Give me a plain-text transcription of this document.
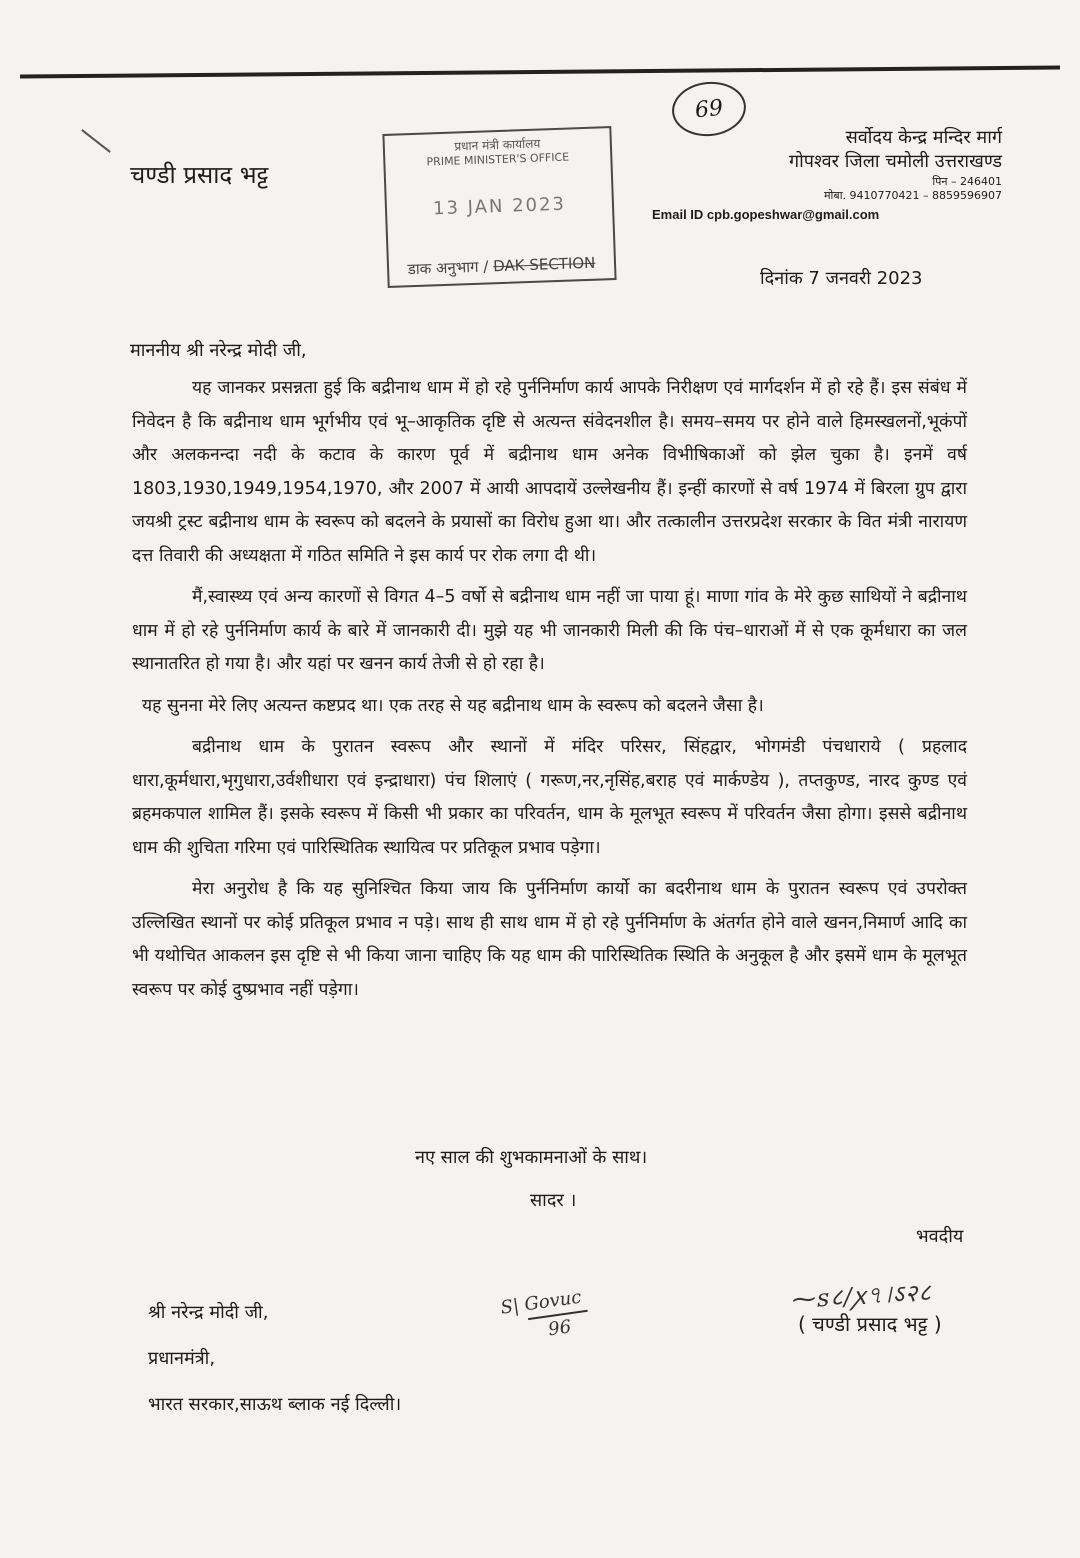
चण्डी प्रसाद भट्ट
69
प्रधान मंत्री कार्यालय
PRIME MINISTER'S OFFICE
13 JAN 2023
डाक अनुभाग / DAK SECTION
सर्वोदय केन्द्र मन्दिर मार्ग
गोपश्वर जिला चमोली उत्तराखण्ड
पिन – 246401
मोबा. 9410770421 – 8859596907
Email ID cpb.gopeshwar@gmail.com
दिनांक 7 जनवरी 2023
माननीय श्री नरेन्द्र मोदी जी,

यह जानकर प्रसन्नता हुई कि बद्रीनाथ धाम में हो रहे पुर्ननिर्माण कार्य आपके निरीक्षण एवं मार्गदर्शन में हो रहे हैं। इस संबंध में निवेदन है कि बद्रीनाथ धाम भूर्गभीय एवं भू–आकृतिक दृष्टि से अत्यन्त संवेदनशील है। समय–समय पर होने वाले हिमस्खलनों,भूकंपों और अलकनन्दा नदी के कटाव के कारण पूर्व में बद्रीनाथ धाम अनेक विभीषिकाओं को झेल चुका है। इनमें वर्ष 1803,1930,1949,1954,1970, और 2007 में आयी आपदायें उल्लेखनीय हैं। इन्हीं कारणों से वर्ष 1974 में बिरला ग्रुप द्वारा जयश्री ट्रस्ट बद्रीनाथ धाम के स्वरूप को बदलने के प्रयासों का विरोध हुआ था। और तत्कालीन उत्तरप्रदेश सरकार के वित मंत्री नारायण दत्त तिवारी की अध्यक्षता में गठित समिति ने इस कार्य पर रोक लगा दी थी।

मैं,स्वास्थ्य एवं अन्य कारणों से विगत 4–5 वर्षो से बद्रीनाथ धाम नहीं जा पाया हूं। माणा गांव के मेरे कुछ साथियों ने बद्रीनाथ धाम में हो रहे पुर्ननिर्माण कार्य के बारे में जानकारी दी। मुझे यह भी जानकारी मिली की कि पंच–धाराओं में से एक कूर्मधारा का जल स्थानातरित हो गया है। और यहां पर खनन कार्य तेजी से हो रहा है।

यह सुनना मेरे लिए अत्यन्त कष्टप्रद था। एक तरह से यह बद्रीनाथ धाम के स्वरूप को बदलने जैसा है।

बद्रीनाथ धाम के पुरातन स्वरूप और स्थानों में मंदिर परिसर, सिंहद्वार, भोगमंडी पंचधाराये ( प्रहलाद धारा,कूर्मधारा,भृगुधारा,उर्वशीधारा एवं इन्द्राधारा) पंच शिलाएं ( गरूण,नर,नृसिंह,बराह एवं मार्कण्डेय ), तप्तकुण्ड, नारद कुण्ड एवं ब्रहमकपाल शामिल हैं। इसके स्वरूप में किसी भी प्रकार का परिवर्तन, धाम के मूलभूत स्वरूप में परिवर्तन जैसा होगा। इससे बद्रीनाथ धाम की शुचिता गरिमा एवं पारिस्थितिक स्थायित्व पर प्रतिकूल प्रभाव पड़ेगा।

मेरा अनुरोध है कि यह सुनिश्चित किया जाय कि पुर्ननिर्माण कार्यो का बदरीनाथ धाम के पुरातन स्वरूप एवं उपरोक्त उल्लिखित स्थानों पर कोई प्रतिकूल प्रभाव न पड़े। साथ ही साथ धाम में हो रहे पुर्ननिर्माण के अंतर्गत होने वाले खनन,निमार्ण आदि का भी यथोचित आकलन इस दृष्टि से भी किया जाना चाहिए कि यह धाम की पारिस्थितिक स्थिति के अनुकूल है और इसमें धाम के मूलभूत स्वरूप पर कोई दुष्प्रभाव नहीं पड़ेगा।

नए साल की शुभकामनाओं के साथ।
सादर ।
भवदीय
श्री नरेन्द्र मोदी जी,
प्रधानमंत्री,
भारत सरकार,साऊथ ब्लाक नई दिल्ली।
S| Govuc
96
⁓ꜱ८/ꭗ৭।ऽ२८
( चण्डी प्रसाद भट्ट )
